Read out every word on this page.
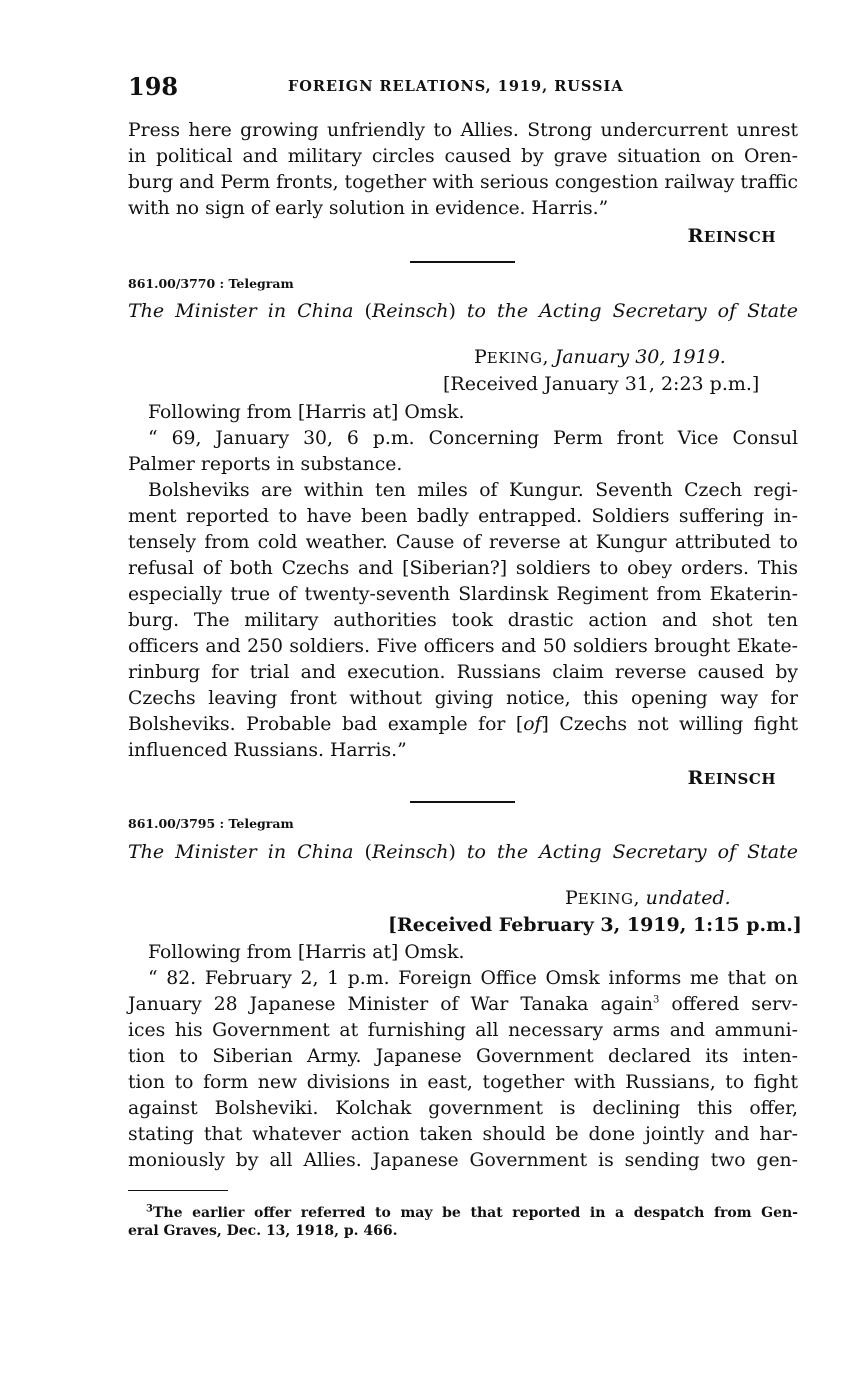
198	FOREIGN RELATIONS, 1919, RUSSIA
Press here growing unfriendly to Allies. Strong undercurrent unrest
in political and military circles caused by grave situation on Oren-
burg and Perm fronts, together with serious congestion railway traffic
with no sign of early solution in evidence. Harris.”
REINSCH
861.00/3770 : Telegram
The Minister in China (Reinsch) to the Acting Secretary of State
PEKING, January 30, 1919.
[Received January 31, 2:23 p.m.]
Following from [Harris at] Omsk.
“ 69, January 30, 6 p.m. Concerning Perm front Vice Consul
Palmer reports in substance.
Bolsheviks are within ten miles of Kungur. Seventh Czech regi-
ment reported to have been badly entrapped. Soldiers suffering in-
tensely from cold weather. Cause of reverse at Kungur attributed to
refusal of both Czechs and [Siberian?] soldiers to obey orders. This
especially true of twenty-seventh Slardinsk Regiment from Ekaterin-
burg. The military authorities took drastic action and shot ten
officers and 250 soldiers. Five officers and 50 soldiers brought Ekate-
rinburg for trial and execution. Russians claim reverse caused by
Czechs leaving front without giving notice, this opening way for
Bolsheviks. Probable bad example for [of] Czechs not willing fight
influenced Russians. Harris.”
REINSCH
861.00/3795 : Telegram
The Minister in China (Reinsch) to the Acting Secretary of State
PEKING, undated.
[Received February 3, 1919, 1:15 p.m.]
Following from [Harris at] Omsk.
“ 82. February 2, 1 p.m. Foreign Office Omsk informs me that on
January 28 Japanese Minister of War Tanaka again$^3$ offered serv-
ices his Government at furnishing all necessary arms and ammuni-
tion to Siberian Army. Japanese Government declared its inten-
tion to form new divisions in east, together with Russians, to fight
against Bolsheviki. Kolchak government is declining this offer,
stating that whatever action taken should be done jointly and har-
moniously by all Allies. Japanese Government is sending two gen-
$^3$The earlier offer referred to may be that reported in a despatch from Gen-
eral Graves, Dec. 13, 1918, p. 466.
